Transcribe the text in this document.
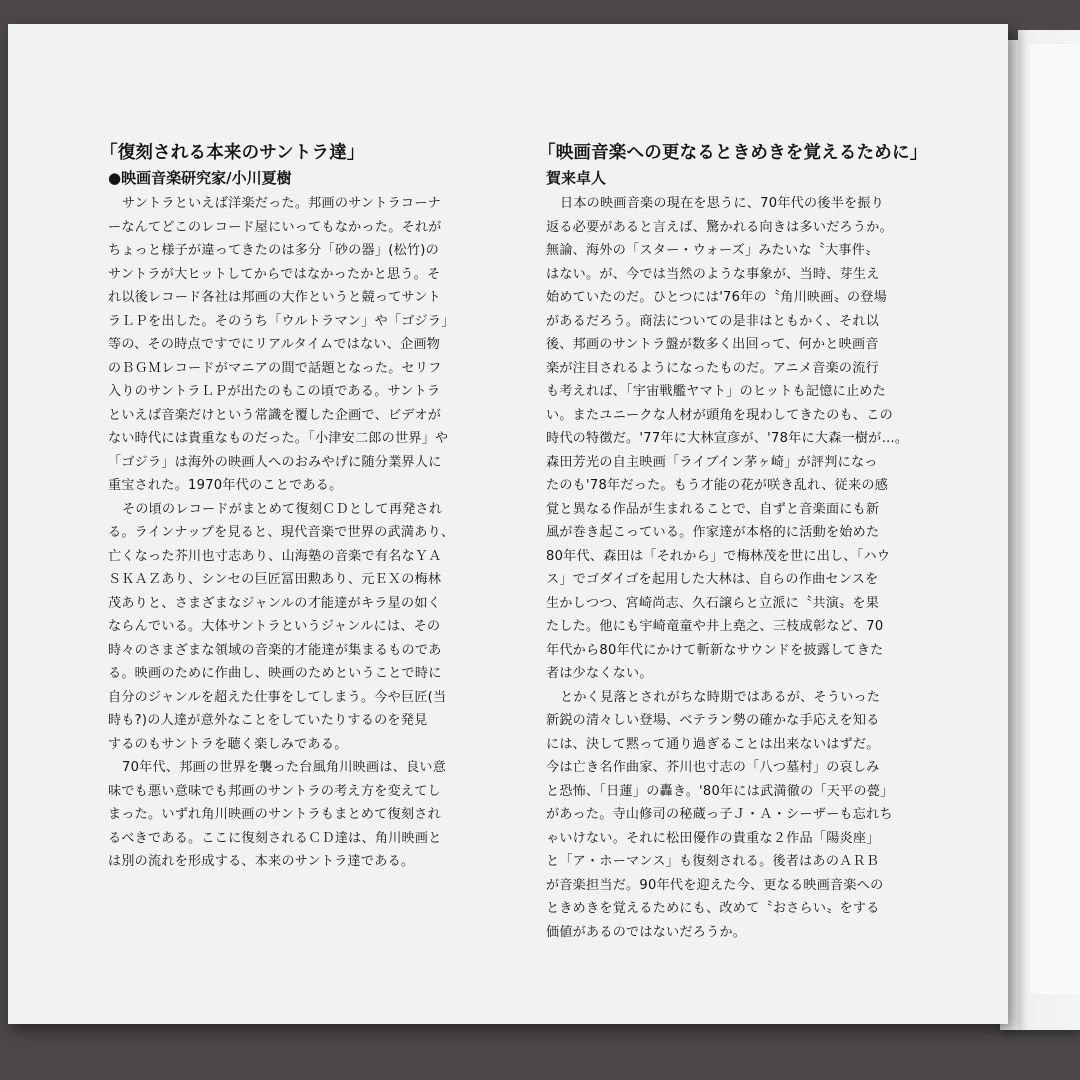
「復刻される本来のサントラ達」
●映画音楽研究家/小川夏樹
サントラといえば洋楽だった。邦画のサントラコーナ
ーなんてどこのレコード屋にいってもなかった。それが
ちょっと様子が違ってきたのは多分「砂の器」(松竹)の
サントラが大ヒットしてからではなかったかと思う。そ
れ以後レコード各社は邦画の大作というと競ってサント
ラＬＰを出した。そのうち「ウルトラマン」や「ゴジラ」
等の、その時点ですでにリアルタイムではない、企画物
のＢＧＭレコードがマニアの間で話題となった。セリフ
入りのサントラＬＰが出たのもこの頃である。サントラ
といえば音楽だけという常識を覆した企画で、ビデオが
ない時代には貴重なものだった。「小津安二郎の世界」や
「ゴジラ」は海外の映画人へのおみやげに随分業界人に
重宝された。1970年代のことである。
その頃のレコードがまとめて復刻ＣＤとして再発され
る。ラインナップを見ると、現代音楽で世界の武満あり、
亡くなった芥川也寸志あり、山海塾の音楽で有名なＹＡ
ＳＫＡＺあり、シンセの巨匠冨田勲あり、元ＥＸの梅林
茂ありと、さまざまなジャンルの才能達がキラ星の如く
ならんでいる。大体サントラというジャンルには、その
時々のさまざまな領域の音楽的才能達が集まるものであ
る。映画のために作曲し、映画のためということで時に
自分のジャンルを超えた仕事をしてしまう。今や巨匠(当
時も?)の人達が意外なことをしていたりするのを発見
するのもサントラを聴く楽しみである。
70年代、邦画の世界を襲った台風角川映画は、良い意
味でも悪い意味でも邦画のサントラの考え方を変えてし
まった。いずれ角川映画のサントラもまとめて復刻され
るべきである。ここに復刻されるＣＤ達は、角川映画と
は別の流れを形成する、本来のサントラ達である。
「映画音楽への更なるときめきを覚えるために」
賀来卓人
日本の映画音楽の現在を思うに、70年代の後半を振り
返る必要があると言えば、驚かれる向きは多いだろうか。
無論、海外の「スター・ウォーズ」みたいな〝大事件〟
はない。が、今では当然のような事象が、当時、芽生え
始めていたのだ。ひとつには'76年の〝角川映画〟の登場
があるだろう。商法についての是非はともかく、それ以
後、邦画のサントラ盤が数多く出回って、何かと映画音
楽が注目されるようになったものだ。アニメ音楽の流行
も考えれば、「宇宙戦艦ヤマト」のヒットも記憶に止めた
い。またユニークな人材が頭角を現わしてきたのも、この
時代の特徴だ。'77年に大林宣彦が、'78年に大森一樹が…。
森田芳光の自主映画「ライブイン茅ヶ崎」が評判になっ
たのも'78年だった。もう才能の花が咲き乱れ、従来の感
覚と異なる作品が生まれることで、自ずと音楽面にも新
風が巻き起こっている。作家達が本格的に活動を始めた
80年代、森田は「それから」で梅林茂を世に出し、「ハウ
ス」でゴダイゴを起用した大林は、自らの作曲センスを
生かしつつ、宮崎尚志、久石譲らと立派に〝共演〟を果
たした。他にも宇崎竜童や井上堯之、三枝成彰など、70
年代から80年代にかけて斬新なサウンドを披露してきた
者は少なくない。
とかく見落とされがちな時期ではあるが、そういった
新鋭の清々しい登場、ベテラン勢の確かな手応えを知る
には、決して黙って通り過ぎることは出来ないはずだ。
今は亡き名作曲家、芥川也寸志の「八つ墓村」の哀しみ
と恐怖、「日蓮」の轟き。'80年には武満徹の「天平の甍」
があった。寺山修司の秘蔵っ子Ｊ・Ａ・シーザーも忘れち
ゃいけない。それに松田優作の貴重な２作品「陽炎座」
と「ア・ホーマンス」も復刻される。後者はあのＡＲＢ
が音楽担当だ。90年代を迎えた今、更なる映画音楽への
ときめきを覚えるためにも、改めて〝おさらい〟をする
価値があるのではないだろうか。
